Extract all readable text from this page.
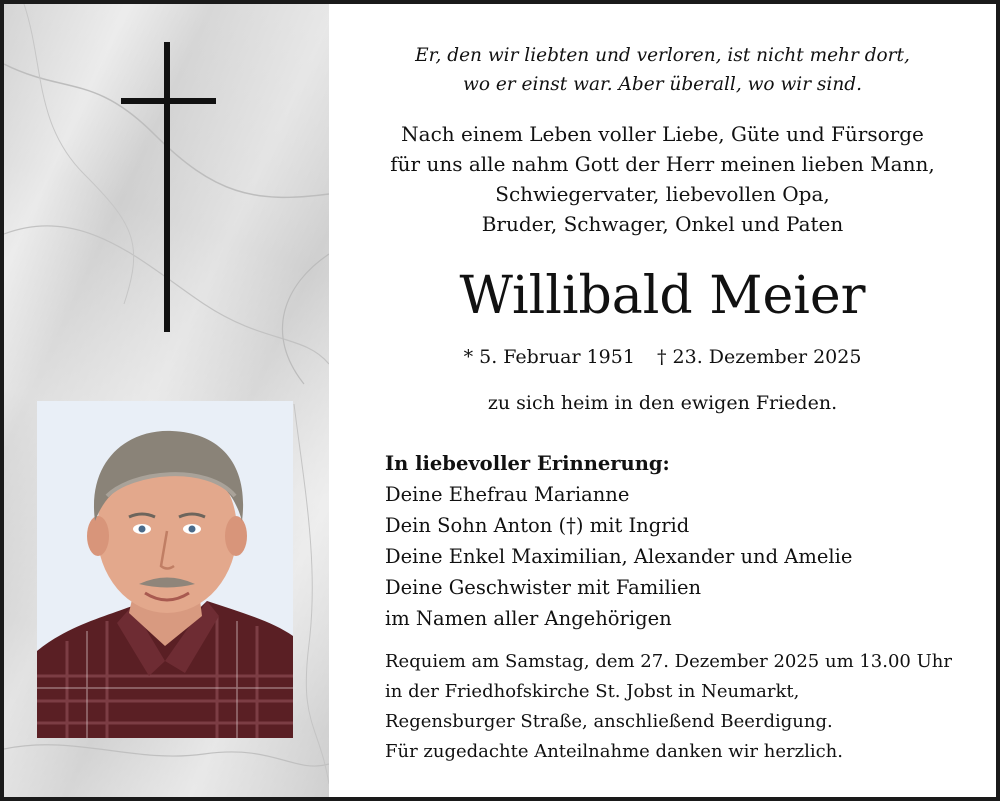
Er, den wir liebten und verloren, ist nicht mehr dort,
wo er einst war. Aber überall, wo wir sind.
Nach einem Leben voller Liebe, Güte und Fürsorge
für uns alle nahm Gott der Herr meinen lieben Mann,
Schwiegervater, liebevollen Opa,
Bruder, Schwager, Onkel und Paten
Willibald Meier
* 5. Februar 1951 † 23. Dezember 2025
zu sich heim in den ewigen Frieden.
In liebevoller Erinnerung:
Deine Ehefrau Marianne
Dein Sohn Anton (†) mit Ingrid
Deine Enkel Maximilian, Alexander und Amelie
Deine Geschwister mit Familien
im Namen aller Angehörigen
Requiem am Samstag, dem 27. Dezember 2025 um 13.00 Uhr
in der Friedhofskirche St. Jobst in Neumarkt,
Regensburger Straße, anschließend Beerdigung.
Für zugedachte Anteilnahme danken wir herzlich.
